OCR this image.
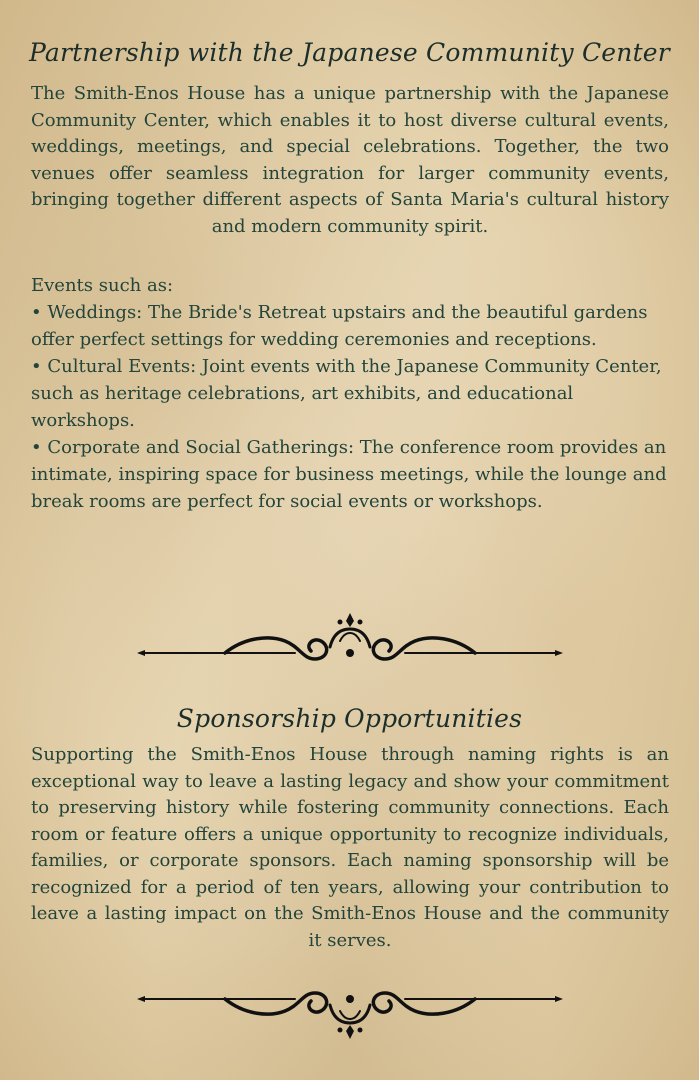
Partnership with the Japanese Community Center
The Smith-Enos House has a unique partnership with the Japanese Community Center, which enables it to host diverse cultural events, weddings, meetings, and special celebrations. Together, the two venues offer seamless integration for larger community events, bringing together different aspects of Santa Maria's cultural history and modern community spirit.
Events such as:
• Weddings: The Bride's Retreat upstairs and the beautiful gardens offer perfect settings for wedding ceremonies and receptions.
• Cultural Events: Joint events with the Japanese Community Center, such as heritage celebrations, art exhibits, and educational workshops.
• Corporate and Social Gatherings: The conference room provides an intimate, inspiring space for business meetings, while the lounge and break rooms are perfect for social events or workshops.
Sponsorship Opportunities
Supporting the Smith-Enos House through naming rights is an exceptional way to leave a lasting legacy and show your commitment to preserving history while fostering community connections. Each room or feature offers a unique opportunity to recognize individuals, families, or corporate sponsors. Each naming sponsorship will be recognized for a period of ten years, allowing your contribution to leave a lasting impact on the Smith-Enos House and the community it serves.
